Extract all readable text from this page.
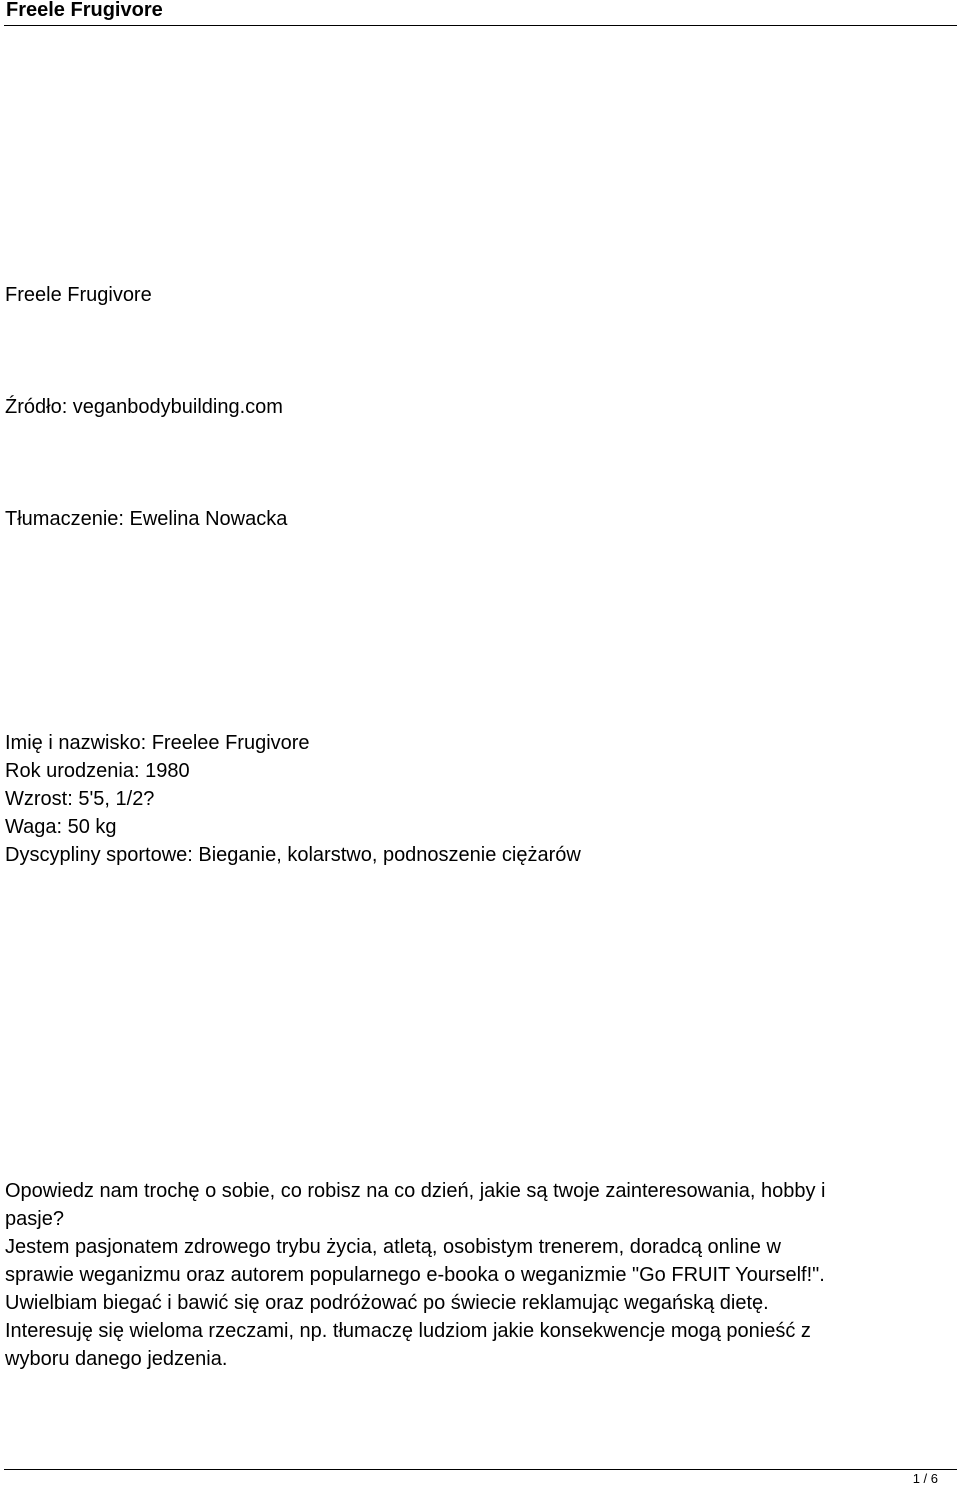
Freele Frugivore
Freele Frugivore
Źródło: veganbodybuilding.com
Tłumaczenie: Ewelina Nowacka
Imię i nazwisko: Freelee Frugivore
Rok urodzenia: 1980
Wzrost: 5'5, 1/2?
Waga: 50 kg
Dyscypliny sportowe: Bieganie, kolarstwo, podnoszenie ciężarów
Opowiedz nam trochę o sobie, co robisz na co dzień, jakie są twoje zainteresowania, hobby i
pasje?
Jestem pasjonatem zdrowego trybu życia, atletą, osobistym trenerem, doradcą online w
sprawie weganizmu oraz autorem popularnego e-booka o weganizmie "Go FRUIT Yourself!".
Uwielbiam biegać i bawić się oraz podróżować po świecie reklamując wegańską dietę.
Interesuję się wieloma rzeczami, np. tłumaczę ludziom jakie konsekwencje mogą ponieść z
wyboru danego jedzenia.
1 / 6
